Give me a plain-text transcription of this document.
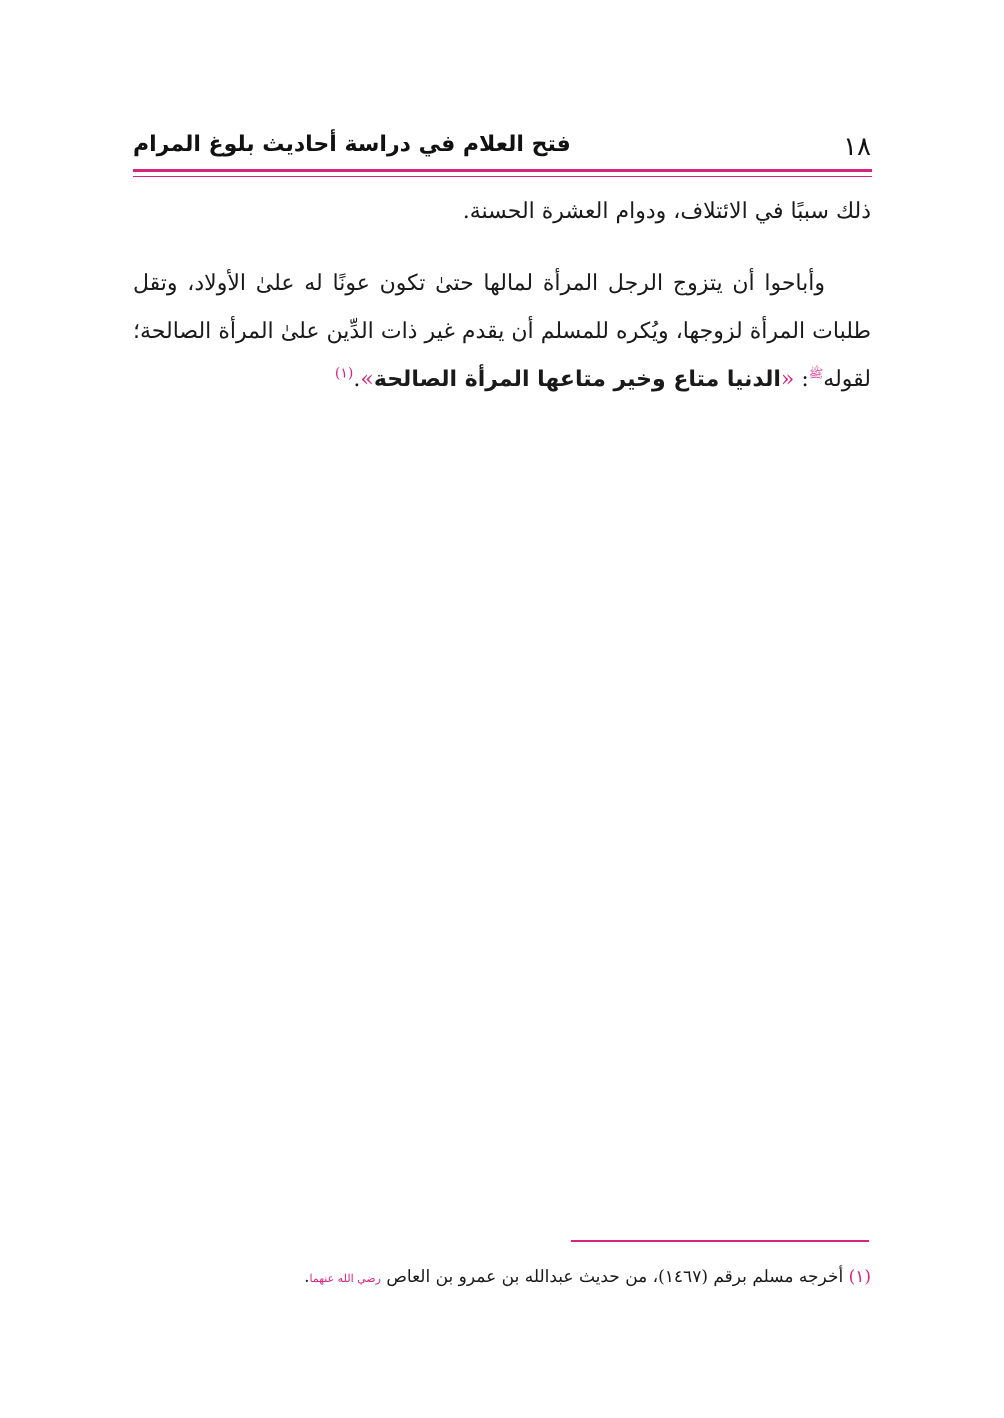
١٨
فتح العلام في دراسة أحاديث بلوغ المرام

ذلك سببًا في الائتلاف، ودوام العشرة الحسنة.

وأباحوا أن يتزوج الرجل المرأة لمالها حتىٰ تكون عونًا له علىٰ الأولاد، وتقل طلبات المرأة لزوجها، ويُكره للمسلم أن يقدم غير ذات الدِّين علىٰ المرأة الصالحة؛ لقوله$^ﷺ$: «الدنيا متاع وخير متاعها المرأة الصالحة».$^{(١)}$

(١) أخرجه مسلم برقم (١٤٦٧)، من حديث عبدالله بن عمرو بن العاص رضي الله عنهما.
